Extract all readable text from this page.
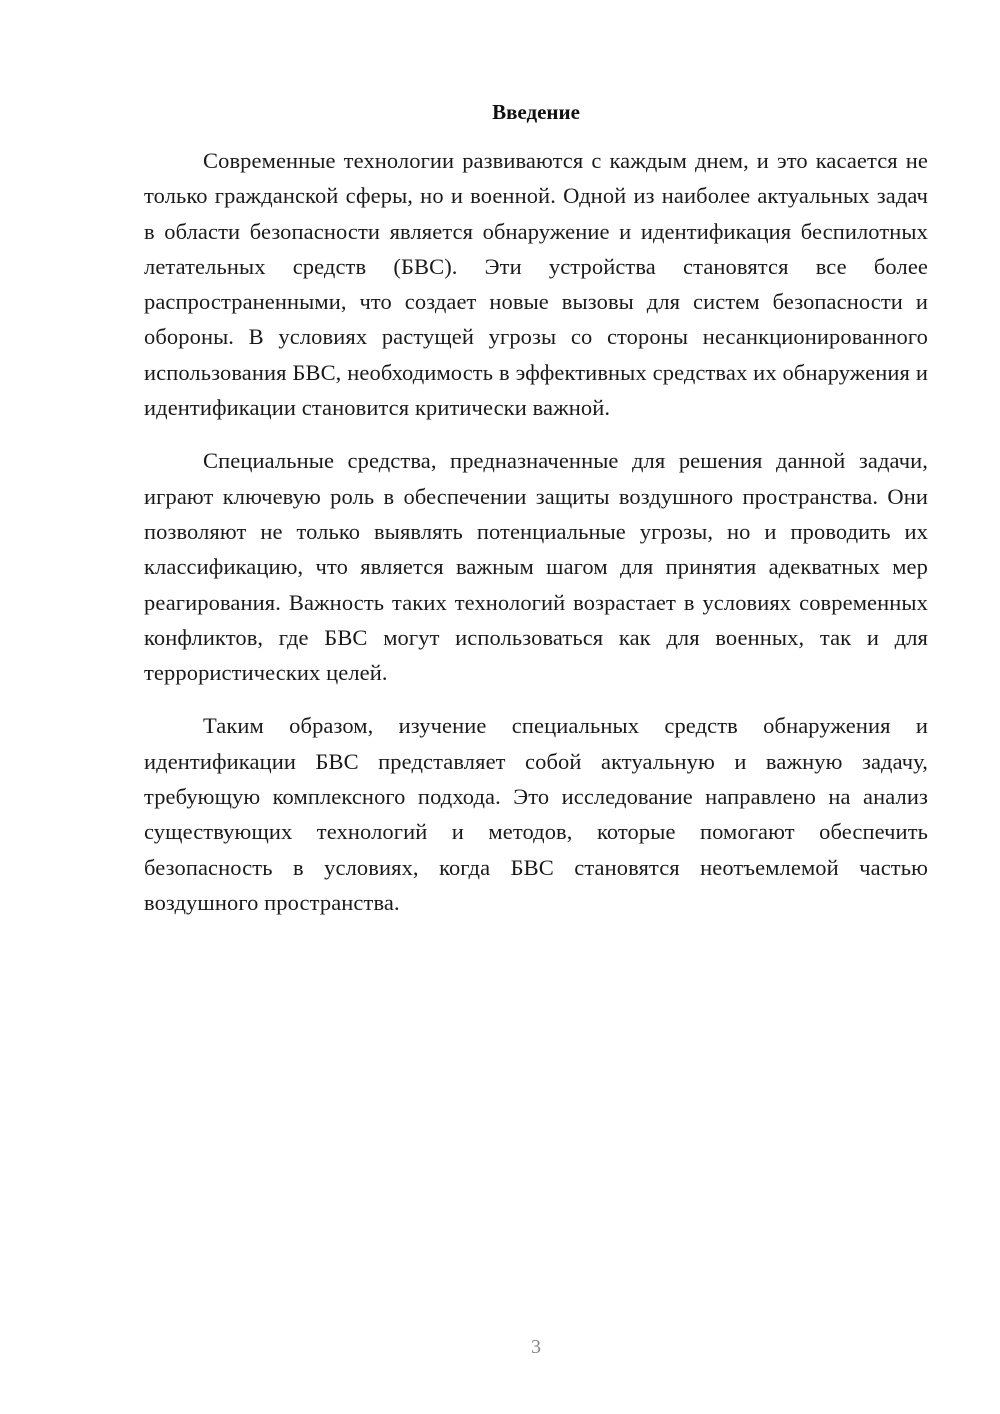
Введение

Современные технологии развиваются с каждым днем, и это касается не только гражданской сферы, но и военной. Одной из наиболее актуальных задач в области безопасности является обнаружение и идентификация беспилотных летательных средств (БВС). Эти устройства становятся все более распространенными, что создает новые вызовы для систем безопасности и обороны. В условиях растущей угрозы со стороны несанкционированного использования БВС, необходимость в эффективных средствах их обнаружения и идентификации становится критически важной.

Специальные средства, предназначенные для решения данной задачи, играют ключевую роль в обеспечении защиты воздушного пространства. Они позволяют не только выявлять потенциальные угрозы, но и проводить их классификацию, что является важным шагом для принятия адекватных мер реагирования. Важность таких технологий возрастает в условиях современных конфликтов, где БВС могут использоваться как для военных, так и для террористических целей.

Таким образом, изучение специальных средств обнаружения и идентификации БВС представляет собой актуальную и важную задачу, требующую комплексного подхода. Это исследование направлено на анализ существующих технологий и методов, которые помогают обеспечить безопасность в условиях, когда БВС становятся неотъемлемой частью воздушного пространства.

3
